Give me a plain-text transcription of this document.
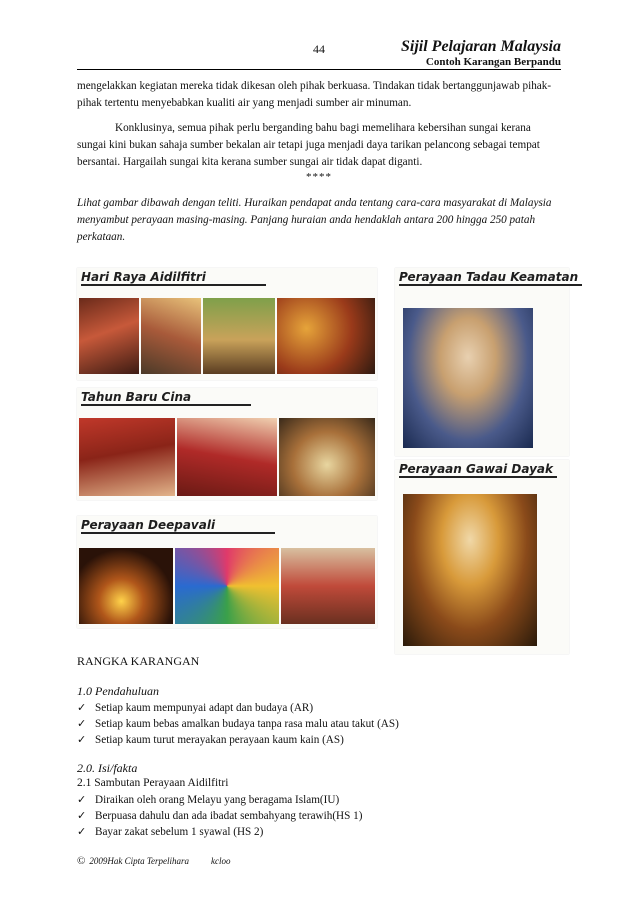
44	Sijil Pelajaran Malaysia
Contoh Karangan Berpandu

mengelakkan kegiatan mereka tidak dikesan oleh pihak berkuasa. Tindakan tidak bertanggunjawab pihak-pihak tertentu menyebabkan kualiti air yang menjadi sumber air minuman.

Konklusinya, semua pihak perlu berganding bahu bagi memelihara kebersihan sungai kerana sungai kini bukan sahaja sumber bekalan air tetapi juga menjadi daya tarikan pelancong sebagai tempat bersantai. Hargailah sungai kita kerana sumber sungai air tidak dapat diganti.

****

Lihat gambar dibawah dengan teliti. Huraikan pendapat anda tentang cara-cara masyarakat di Malaysia menyambut perayaan masing-masing. Panjang huraian anda hendaklah antara 200 hingga 250 patah perkataan.

Hari Raya Aidilfitri
Tahun Baru Cina
Perayaan Deepavali
Perayaan Tadau Keamatan
Perayaan Gawai Dayak
RANGKA KARANGAN
1.0 Pendahuluan
✓ Setiap kaum mempunyai adapt dan budaya (AR)
✓ Setiap kaum bebas amalkan budaya tanpa rasa malu atau takut (AS)
✓ Setiap kaum turut merayakan perayaan kaum kain (AS)
2.0. Isi/fakta
2.1 Sambutan Perayaan Aidilfitri
✓ Diraikan oleh orang Melayu yang beragama Islam(IU)
✓ Berpuasa dahulu dan ada ibadat sembahyang terawih(HS 1)
✓ Bayar zakat sebelum 1 syawal (HS 2)
© 2009Hak Cipta Terpelihara kcloo
